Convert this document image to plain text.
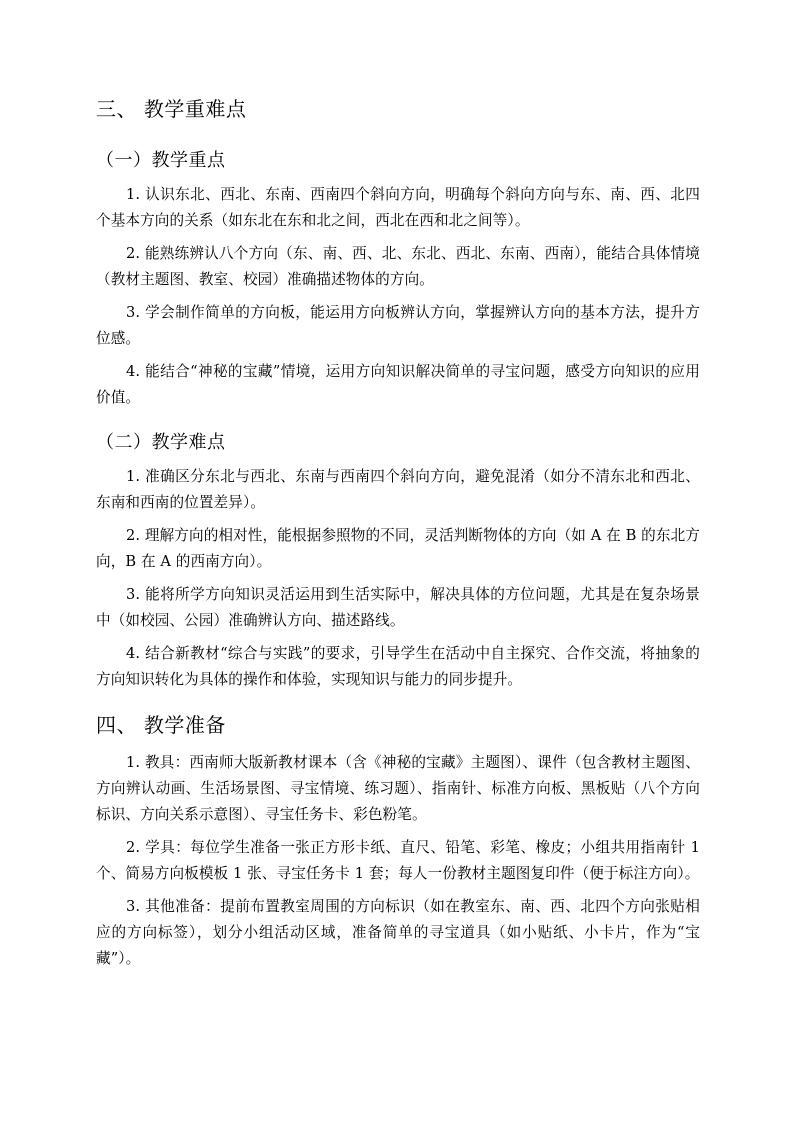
三、 教学重难点
（一）教学重点

1. 认识东北、西北、东南、西南四个斜向方向，明确每个斜向方向与东、南、西、北四个基本方向的关系（如东北在东和北之间，西北在西和北之间等）。

2. 能熟练辨认八个方向（东、南、西、北、东北、西北、东南、西南），能结合具体情境（教材主题图、教室、校园）准确描述物体的方向。

3. 学会制作简单的方向板，能运用方向板辨认方向，掌握辨认方向的基本方法，提升方位感。

4. 能结合“神秘的宝藏”情境，运用方向知识解决简单的寻宝问题，感受方向知识的应用价值。

（二）教学难点

1. 准确区分东北与西北、东南与西南四个斜向方向，避免混淆（如分不清东北和西北、东南和西南的位置差异）。

2. 理解方向的相对性，能根据参照物的不同，灵活判断物体的方向（如 A 在 B 的东北方向，B 在 A 的西南方向）。

3. 能将所学方向知识灵活运用到生活实际中，解决具体的方位问题，尤其是在复杂场景中（如校园、公园）准确辨认方向、描述路线。

4. 结合新教材“综合与实践”的要求，引导学生在活动中自主探究、合作交流，将抽象的方向知识转化为具体的操作和体验，实现知识与能力的同步提升。

四、 教学准备

1. 教具：西南师大版新教材课本（含《神秘的宝藏》主题图）、课件（包含教材主题图、方向辨认动画、生活场景图、寻宝情境、练习题）、指南针、标准方向板、黑板贴（八个方向标识、方向关系示意图）、寻宝任务卡、彩色粉笔。

2. 学具：每位学生准备一张正方形卡纸、直尺、铅笔、彩笔、橡皮；小组共用指南针 1 个、简易方向板模板 1 张、寻宝任务卡 1 套；每人一份教材主题图复印件（便于标注方向）。

3. 其他准备：提前布置教室周围的方向标识（如在教室东、南、西、北四个方向张贴相应的方向标签），划分小组活动区域，准备简单的寻宝道具（如小贴纸、小卡片，作为“宝藏”）。
